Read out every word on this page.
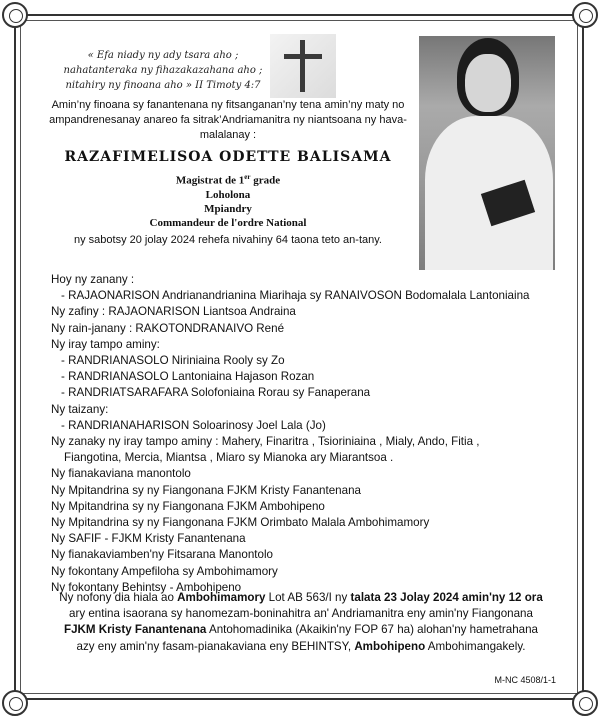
« Efa niady ny ady tsara aho ;
nahatanteraka ny fihazakazahana aho ;
nitahiry ny finoana aho » II Timoty 4:7
Amin’ny finoana sy fanantenana ny fitsanganan’ny tena amin’ny maty no ampandrenesanay anareo fa sitrak’Andriamanitra ny niantsoana ny hava-malalanay :
RAZAFIMELISOA ODETTE BALISAMA
Magistrat de 1er grade
Loholona
Mpiandry
Commandeur de l'ordre National
ny sabotsy 20 jolay 2024 rehefa nivahiny 64 taona teto an-tany.
Hoy ny zanany :
- RAJAONARISON Andrianandrianina Miarihaja sy RANAIVOSON Bodomalala Lantoniaina
Ny zafiny : RAJAONARISON Liantsoa Andraina
Ny rain-janany : RAKOTONDRANAIVO René
Ny iray tampo aminy:
- RANDRIANASOLO Niriniaina Rooly sy Zo
- RANDRIANASOLO Lantoniaina Hajason Rozan
- RANDRIATSARAFARA Solofoniaina Rorau sy Fanaperana
Ny taizany:
- RANDRIANAHARISON Soloarinosy Joel Lala (Jo)
Ny zanaky ny iray tampo aminy : Mahery, Finaritra , Tsioriniaina , Mialy, Ando, Fitia ,
Fiangotina, Mercia, Miantsa , Miaro sy Mianoka ary Miarantsoa .
Ny fianakaviana manontolo
Ny Mpitandrina sy ny Fiangonana FJKM Kristy Fanantenana
Ny Mpitandrina sy ny Fiangonana FJKM Ambohipeno
Ny Mpitandrina sy ny Fiangonana FJKM Orimbato Malala Ambohimamory
Ny SAFIF - FJKM Kristy Fanantenana
Ny fianakaviamben'ny Fitsarana Manontolo
Ny fokontany Ampefiloha sy Ambohimamory
Ny fokontany Behintsy - Ambohipeno
Ny nofony dia hiala ao Ambohimamory Lot AB 563/I ny talata 23 Jolay 2024 amin'ny 12 ora ary entina isaorana sy hanomezam-boninahitra an' Andriamanitra eny amin'ny Fiangonana FJKM Kristy Fanantenana Antohomadinika (Akaikin'ny FOP 67 ha) alohan'ny hametrahana azy eny amin'ny fasam-pianakaviana eny BEHINTSY, Ambohipeno Ambohimangakely.
M-NC 4508/1-1
